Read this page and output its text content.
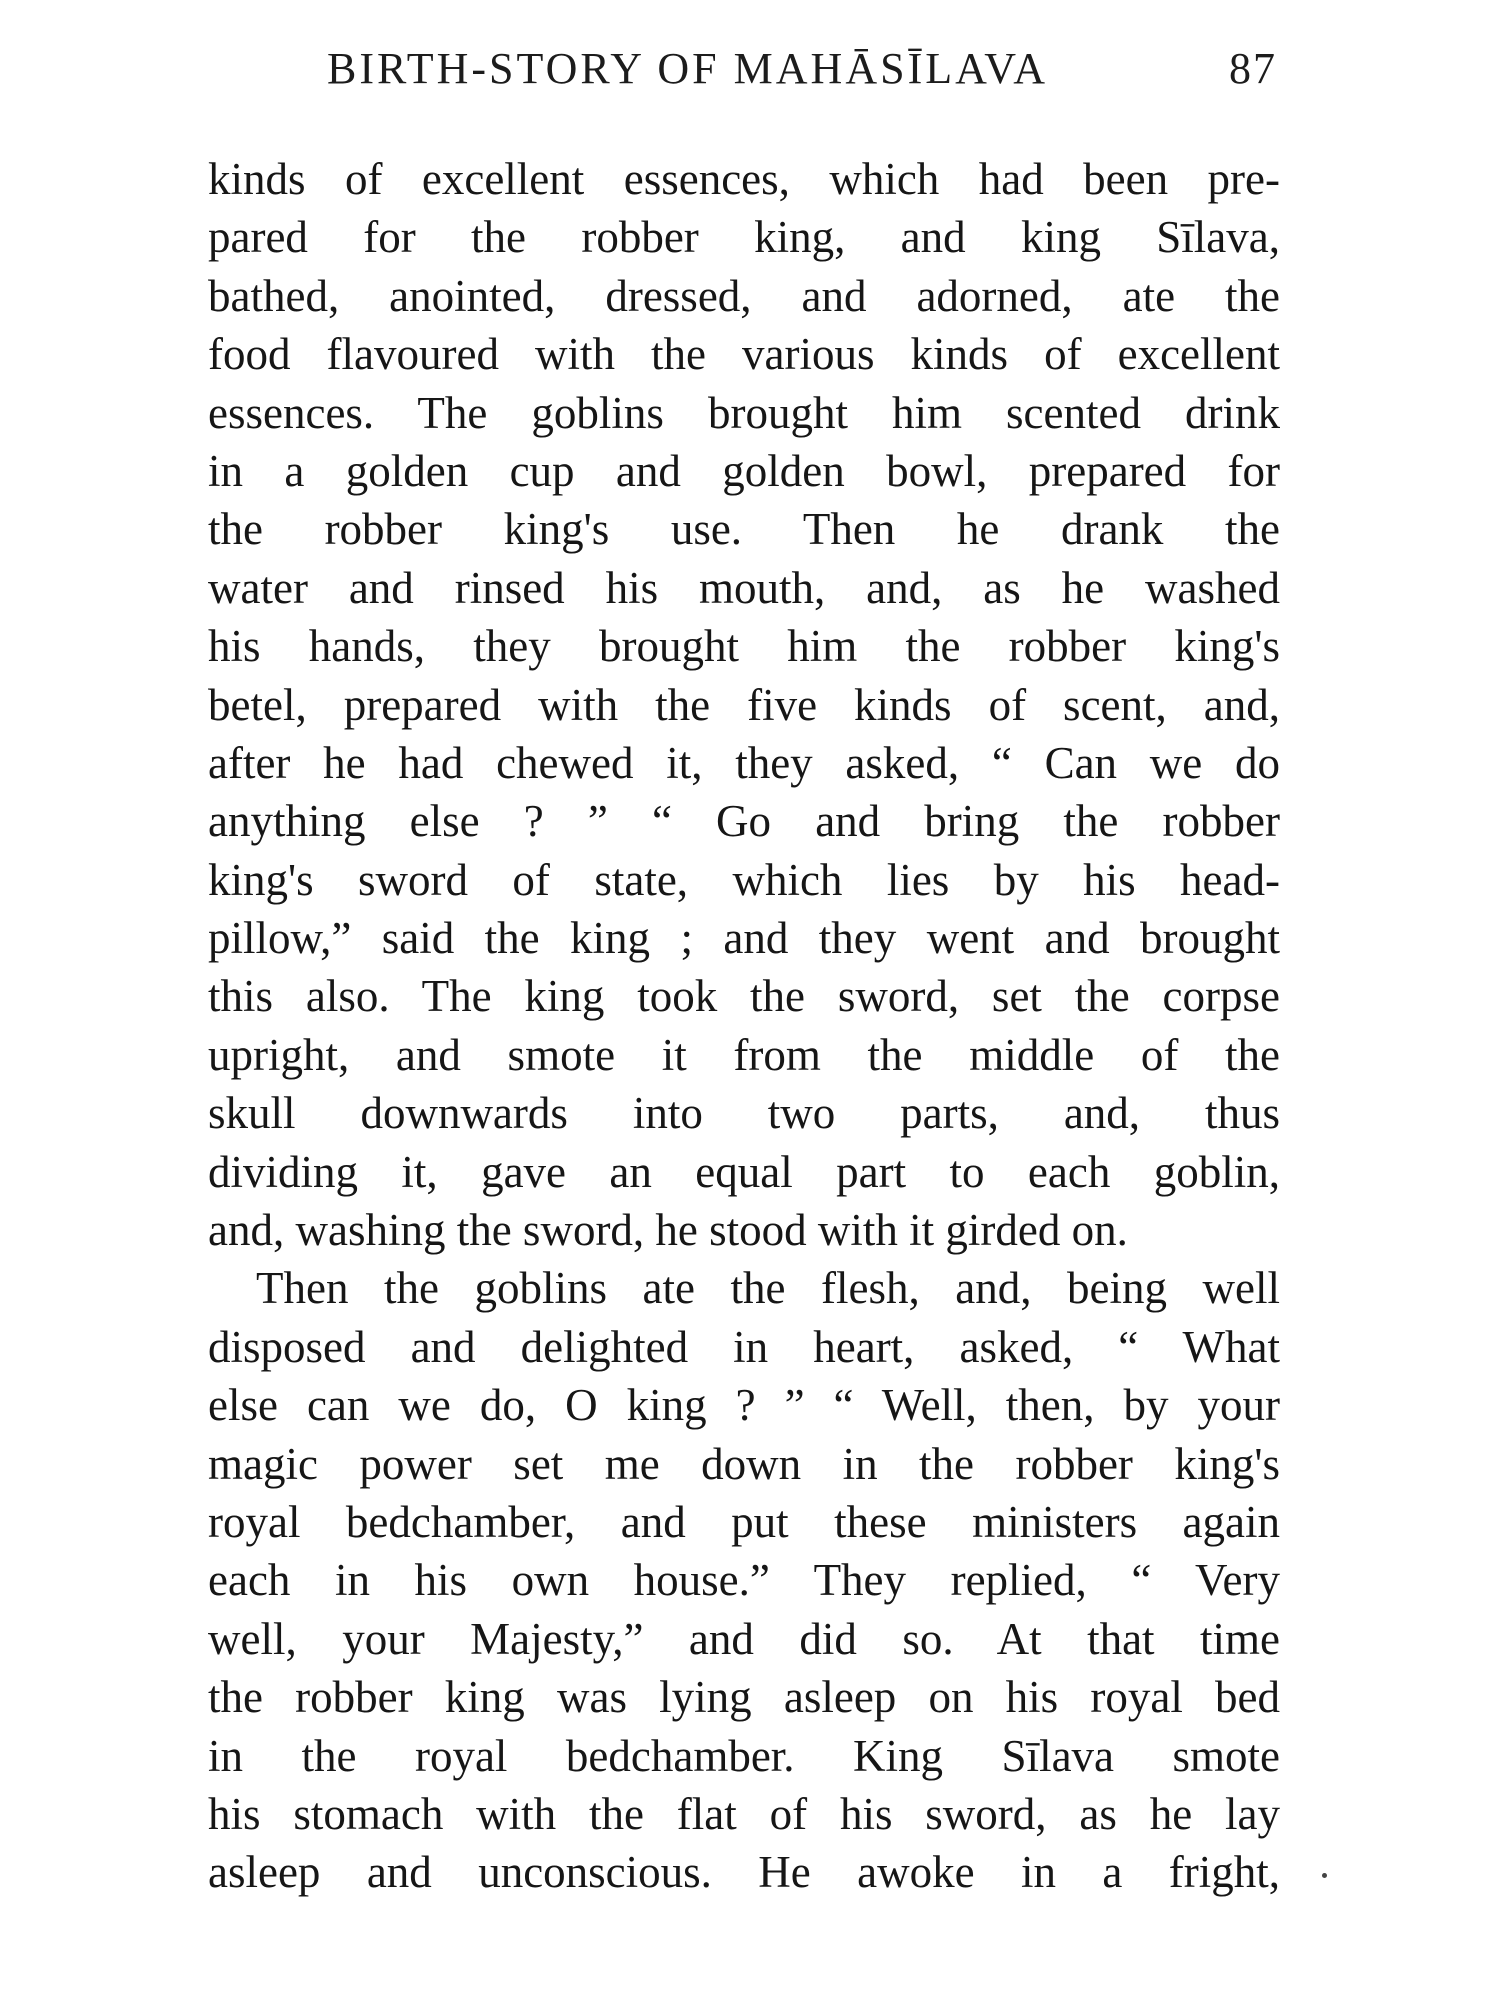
BIRTH-STORY OF MAHĀSĪLAVA	87
kinds of excellent essences, which had been pre-
pared for the robber king, and king Sīlava,
bathed, anointed, dressed, and adorned, ate the
food flavoured with the various kinds of excellent
essences. The goblins brought him scented drink
in a golden cup and golden bowl, prepared for
the robber king's use. Then he drank the
water and rinsed his mouth, and, as he washed
his hands, they brought him the robber king's
betel, prepared with the five kinds of scent, and,
after he had chewed it, they asked, “ Can we do
anything else ? ” “ Go and bring the robber
king's sword of state, which lies by his head-
pillow,” said the king ; and they went and brought
this also. The king took the sword, set the corpse
upright, and smote it from the middle of the
skull downwards into two parts, and, thus
dividing it, gave an equal part to each goblin,
and, washing the sword, he stood with it girded on.
Then the goblins ate the flesh, and, being well
disposed and delighted in heart, asked, “ What
else can we do, O king ? ” “ Well, then, by your
magic power set me down in the robber king's
royal bedchamber, and put these ministers again
each in his own house.” They replied, “ Very
well, your Majesty,” and did so. At that time
the robber king was lying asleep on his royal bed
in the royal bedchamber. King Sīlava smote
his stomach with the flat of his sword, as he lay
asleep and unconscious. He awoke in a fright,
